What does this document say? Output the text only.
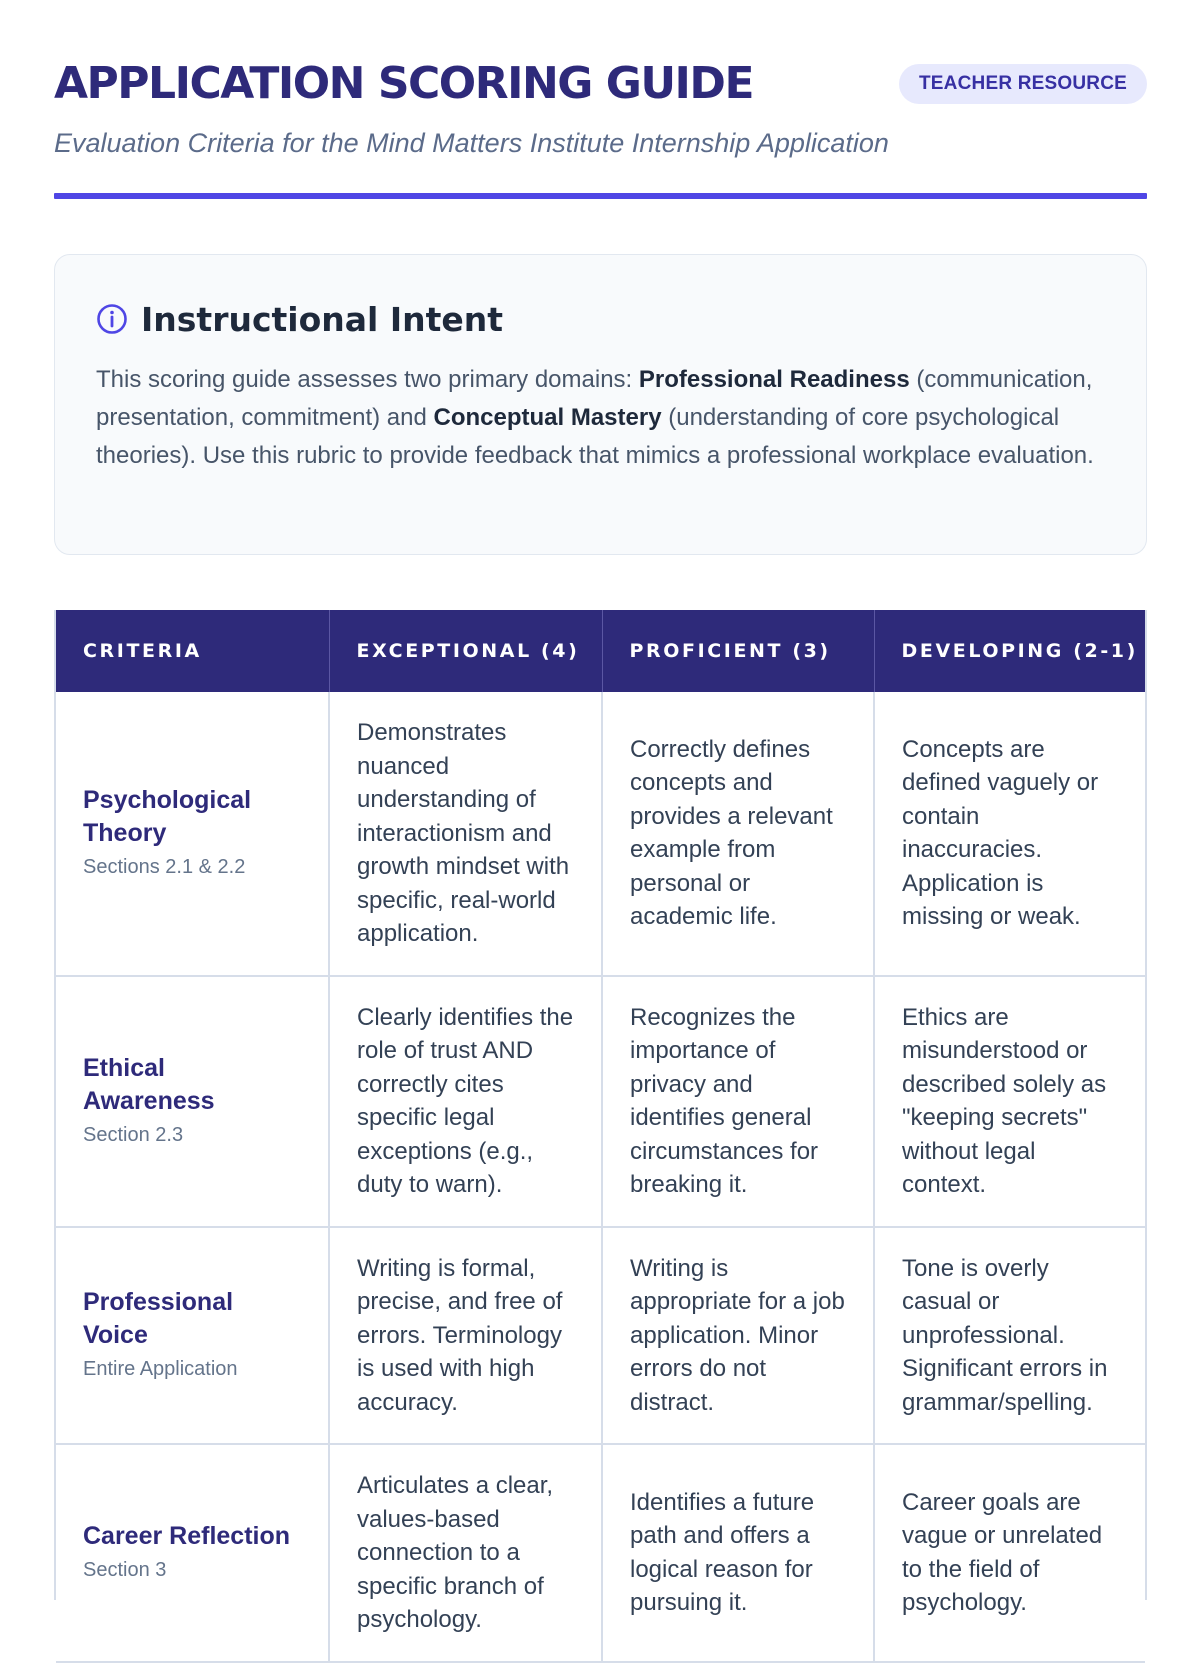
APPLICATION SCORING GUIDE	TEACHER RESOURCE

Evaluation Criteria for the Mind Matters Institute Internship Application

Instructional Intent

This scoring guide assesses two primary domains: Professional Readiness (communication, presentation, commitment) and Conceptual Mastery (understanding of core psychological theories). Use this rubric to provide feedback that mimics a professional workplace evaluation.

CRITERIA	EXCEPTIONAL (4)	PROFICIENT (3)	DEVELOPING (2-1)

Psychological Theory
Sections 2.1 & 2.2	Demonstrates nuanced understanding of interactionism and growth mindset with specific, real-world application.	Correctly defines concepts and provides a relevant example from personal or academic life.	Concepts are defined vaguely or contain inaccuracies. Application is missing or weak.

Ethical Awareness
Section 2.3	Clearly identifies the role of trust AND correctly cites specific legal exceptions (e.g., duty to warn).	Recognizes the importance of privacy and identifies general circumstances for breaking it.	Ethics are misunderstood or described solely as "keeping secrets" without legal context.

Professional Voice
Entire Application	Writing is formal, precise, and free of errors. Terminology is used with high accuracy.	Writing is appropriate for a job application. Minor errors do not distract.	Tone is overly casual or unprofessional. Significant errors in grammar/spelling.

Career Reflection
Section 3	Articulates a clear, values-based connection to a specific branch of psychology.	Identifies a future path and offers a logical reason for pursuing it.	Career goals are vague or unrelated to the field of psychology.
